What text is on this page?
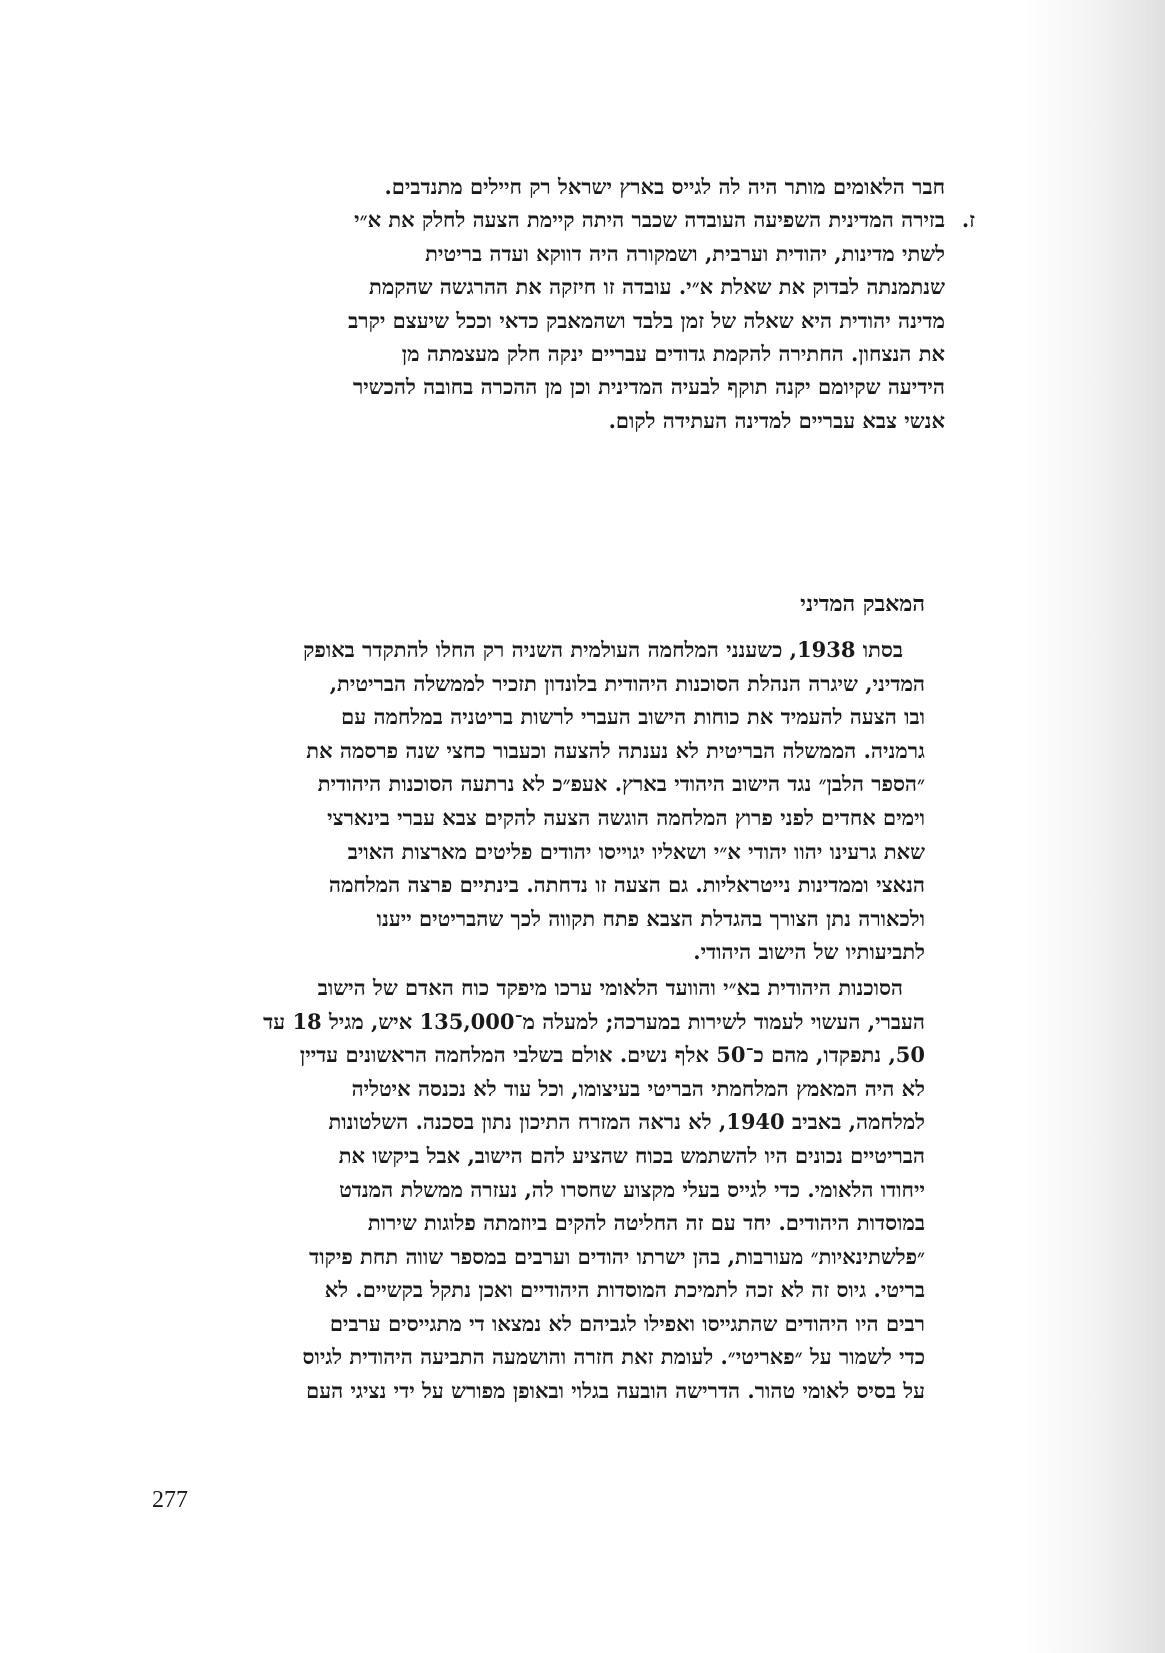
חבר הלאומים מותר היה לה לגייס בארץ ישראל רק חיילים מתנדבים.
ז.
בזירה המדינית השפיעה העובדה שכבר היתה קיימת הצעה לחלק את א״י
לשתי מדינות, יהודית וערבית, ושמקורה היה דווקא ועדה בריטית
שנתמנתה לבדוק את שאלת א״י. עובדה זו חיזקה את ההרגשה שהקמת
מדינה יהודית היא שאלה של זמן בלבד ושהמאבק כדאי וככל שיעצם יקרב
את הנצחון. החתירה להקמת גדודים עבריים ינקה חלק מעצמתה מן
הידיעה שקיומם יקנה תוקף לבעיה המדינית וכן מן ההכרה בחובה להכשיר
אנשי צבא עבריים למדינה העתידה לקום.
המאבק המדיני
בסתו 1938, כשענני המלחמה העולמית השניה רק החלו להתקדר באופק
המדיני, שיגרה הנהלת הסוכנות היהודית בלונדון תזכיר לממשלה הבריטית,
ובו הצעה להעמיד את כוחות הישוב העברי לרשות בריטניה במלחמה עם
גרמניה. הממשלה הבריטית לא נענתה להצעה וכעבור כחצי שנה פרסמה את
״הספר הלבן״ נגד הישוב היהודי בארץ. אעפ״כ לא נרתעה הסוכנות היהודית
וימים אחדים לפני פרוץ המלחמה הוגשה הצעה להקים צבא עברי בינארצי
שאת גרעינו יהוו יהודי א״י ושאליו יגוייסו יהודים פליטים מארצות האויב
הנאצי וממדינות נייטראליות. גם הצעה זו נדחתה. בינתיים פרצה המלחמה
ולכאורה נתן הצורך בהגדלת הצבא פתח תקווה לכך שהבריטים ייענו
לתביעותיו של הישוב היהודי.
הסוכנות היהודית בא״י והוועד הלאומי ערכו מיפקד כוח האדם של הישוב
העברי, העשוי לעמוד לשירות במערכה; למעלה מ־135,000 איש, מגיל 18 עד
50, נתפקדו, מהם כ־50 אלף נשים. אולם בשלבי המלחמה הראשונים עדיין
לא היה המאמץ המלחמתי הבריטי בעיצומו, וכל עוד לא נכנסה איטליה
למלחמה, באביב 1940, לא נראה המזרח התיכון נתון בסכנה. השלטונות
הבריטיים נכונים היו להשתמש בכוח שהציע להם הישוב, אבל ביקשו את
ייחודו הלאומי. כדי לגייס בעלי מקצוע שחסרו לה, נעזרה ממשלת המנדט
במוסדות היהודים. יחד עם זה החליטה להקים ביוזמתה פלוגות שירות
״פלשתינאיות״ מעורבות, בהן ישרתו יהודים וערבים במספר שווה תחת פיקוד
בריטי. גיוס זה לא זכה לתמיכת המוסדות היהודיים ואכן נתקל בקשיים. לא
רבים היו היהודים שהתגייסו ואפילו לגביהם לא נמצאו די מתגייסים ערבים
כדי לשמור על ״פאריטי״. לעומת זאת חזרה והושמעה התביעה היהודית לגיוס
על בסיס לאומי טהור. הדרישה הובעה בגלוי ובאופן מפורש על ידי נציגי העם
277
